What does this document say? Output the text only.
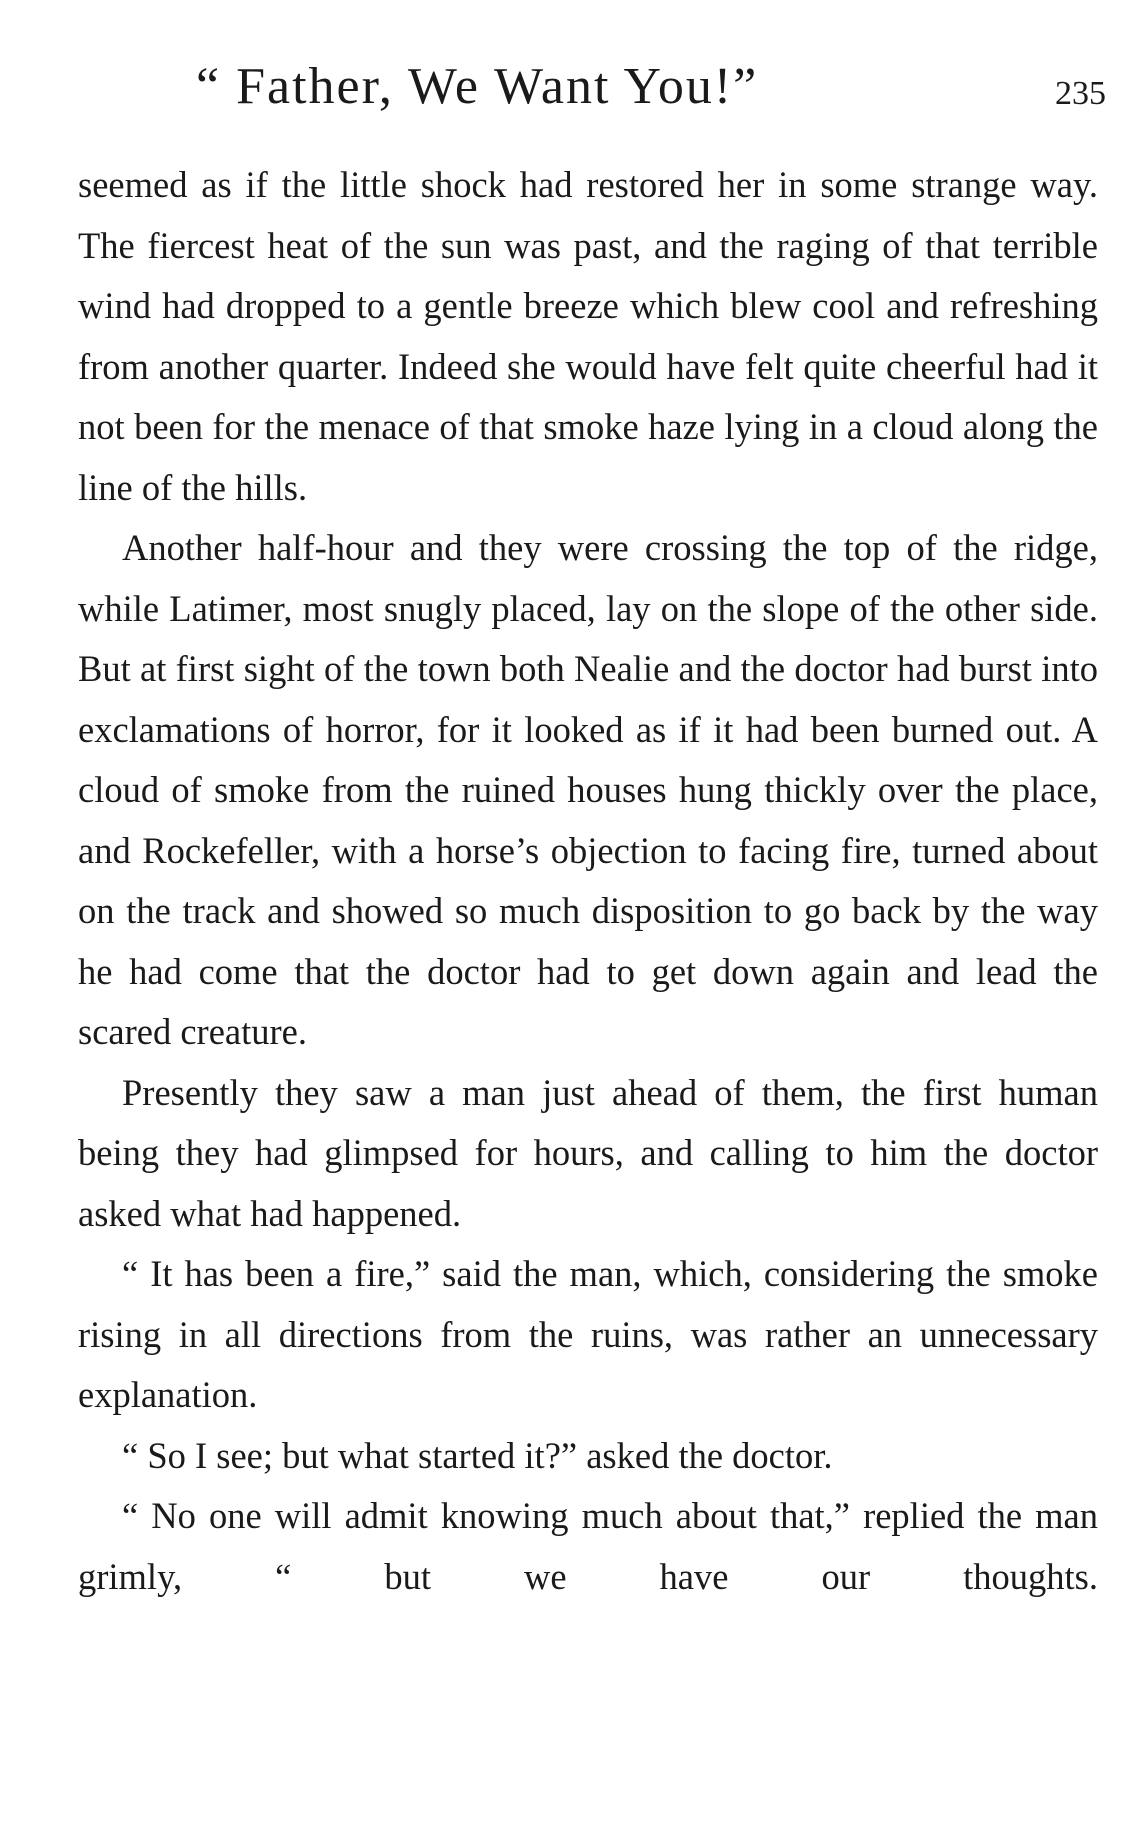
“ Father, We Want You!”	235

seemed as if the little shock had restored her in some strange way. The fiercest heat of the sun was past, and the raging of that terrible wind had dropped to a gentle breeze which blew cool and refreshing from another quarter. Indeed she would have felt quite cheerful had it not been for the menace of that smoke haze lying in a cloud along the line of the hills.

Another half-hour and they were crossing the top of the ridge, while Latimer, most snugly placed, lay on the slope of the other side. But at first sight of the town both Nealie and the doctor had burst into exclamations of horror, for it looked as if it had been burned out. A cloud of smoke from the ruined houses hung thickly over the place, and Rockefeller, with a horse’s objection to facing fire, turned about on the track and showed so much disposition to go back by the way he had come that the doctor had to get down again and lead the scared creature.

Presently they saw a man just ahead of them, the first human being they had glimpsed for hours, and calling to him the doctor asked what had happened.

“ It has been a fire,” said the man, which, considering the smoke rising in all directions from the ruins, was rather an unnecessary explanation.

“ So I see; but what started it?” asked the doctor.

“ No one will admit knowing much about that,” replied the man grimly, “ but we have our thoughts.
